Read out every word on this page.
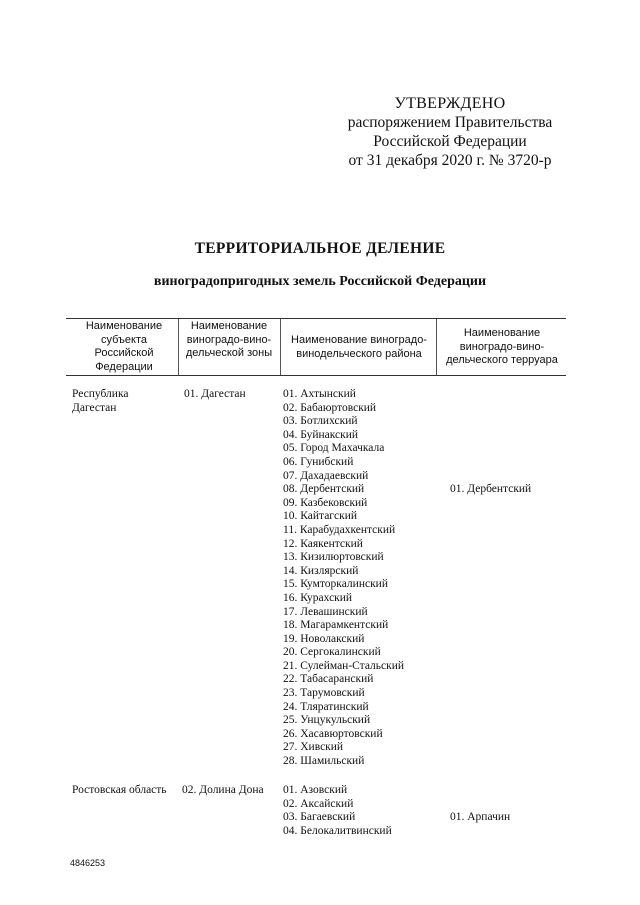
УТВЕРЖДЕНО
распоряжением Правительства
Российской Федерации
от 31 декабря 2020 г. № 3720-р
ТЕРРИТОРИАЛЬНОЕ ДЕЛЕНИЕ
виноградопригодных земель Российской Федерации
Наименование субъекта Российской Федерации
Наименование виноградо-вино-дельческой зоны
Наименование виноградо-винодельческого района
Наименование виноградо-вино-дельческого терруара
Республика Дагестан
01. Дагестан	01. Ахтынский
02. Бабаюртовский
03. Ботлихский
04. Буйнакский
05. Город Махачкала
06. Гунибский
07. Дахадаевский
08. Дербентский
09. Казбековский
10. Кайтагский
11. Карабудахкентский
12. Каякентский
13. Кизилюртовский
14. Кизлярский
15. Кумторкалинский
16. Курахский
17. Левашинский
18. Магарамкентский
19. Новолакский
20. Сергокалинский
21. Сулейман-Стальский
22. Табасаранский
23. Тарумовский
24. Тляратинский
25. Унцукульский
26. Хасавюртовский
27. Хивский
28. Шамильский
01. Дербентский
Ростовская область 02. Долина Дона 01. Азовский
02. Аксайский
03. Багаевский
04. Белокалитвинский
01. Арпачин
4846253
